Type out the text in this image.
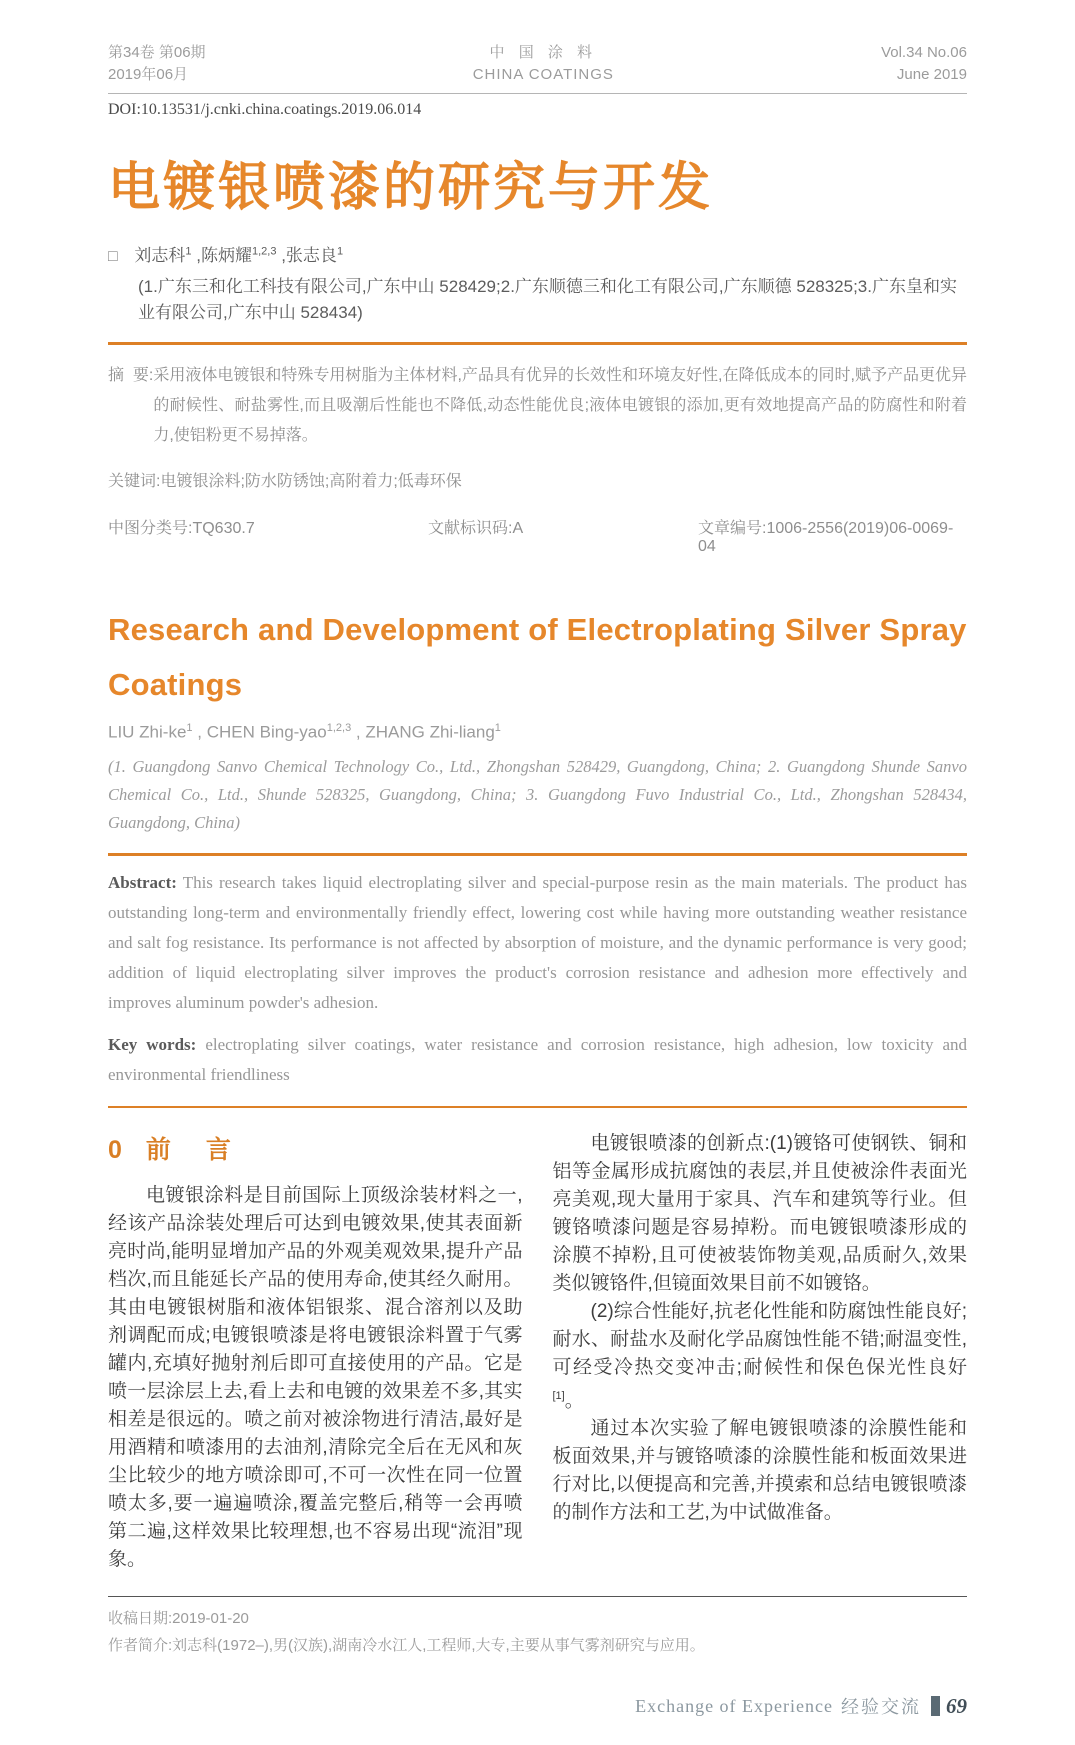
第34卷 第06期
2019年06月
中 国 涂 料
CHINA COATINGS
Vol.34 No.06
June 2019
DOI:10.13531/j.cnki.china.coatings.2019.06.014
电镀银喷漆的研究与开发
□ 刘志科$^1$ ,陈炳耀$^{1,2,3}$ ,张志良$^1$
(1.广东三和化工科技有限公司,广东中山 528429;2.广东顺德三和化工有限公司,广东顺德 528325;3.广东皇和实业有限公司,广东中山 528434)
摘  要: 采用液体电镀银和特殊专用树脂为主体材料,产品具有优异的长效性和环境友好性,在降低成本的同时,赋予产品更优异的耐候性、耐盐雾性,而且吸潮后性能也不降低,动态性能优良;液体电镀银的添加,更有效地提高产品的防腐性和附着力,使铝粉更不易掉落。
关键词: 电镀银涂料;防水防锈蚀;高附着力;低毒环保
中图分类号:TQ630.7	文献标识码:A	文章编号:1006-2556(2019)06-0069-04
Research and Development of Electroplating Silver Spray Coatings
LIU Zhi-$ke^1$ , CHEN Bing-yao$^{1,2,3}$ , ZHANG Zhi-liang$^1$
(1. Guangdong Sanvo Chemical Technology Co., Ltd., Zhongshan 528429, Guangdong, China; 2. Guangdong Shunde Sanvo Chemical Co., Ltd., Shunde 528325, Guangdong, China; 3. Guangdong Fuvo Industrial Co., Ltd., Zhongshan 528434, Guangdong, China)

Abstract: This research takes liquid electroplating silver and special-purpose resin as the main materials. The product has outstanding long-term and environmentally friendly effect, lowering cost while having more outstanding weather resistance and salt fog resistance. Its performance is not affected by absorption of moisture, and the dynamic performance is very good; addition of liquid electroplating silver improves the product's corrosion resistance and adhesion more effectively and improves aluminum powder's adhesion.

Key words: electroplating silver coatings, water resistance and corrosion resistance, high adhesion, low toxicity and environmental friendliness

0 前 言

电镀银涂料是目前国际上顶级涂装材料之一,经该产品涂装处理后可达到电镀效果,使其表面新亮时尚,能明显增加产品的外观美观效果,提升产品档次,而且能延长产品的使用寿命,使其经久耐用。其由电镀银树脂和液体铝银浆、混合溶剂以及助剂调配而成;电镀银喷漆是将电镀银涂料置于气雾罐内,充填好抛射剂后即可直接使用的产品。它是喷一层涂层上去,看上去和电镀的效果差不多,其实相差是很远的。喷之前对被涂物进行清洁,最好是用酒精和喷漆用的去油剂,清除完全后在无风和灰尘比较少的地方喷涂即可,不可一次性在同一位置喷太多,要一遍遍喷涂,覆盖完整后,稍等一会再喷第二遍,这样效果比较理想,也不容易出现“流泪”现象。

电镀银喷漆的创新点:(1)镀铬可使钢铁、铜和铝等金属形成抗腐蚀的表层,并且使被涂件表面光亮美观,现大量用于家具、汽车和建筑等行业。但镀铬喷漆问题是容易掉粉。而电镀银喷漆形成的涂膜不掉粉,且可使被装饰物美观,品质耐久,效果类似镀铬件,但镜面效果目前不如镀铬。

(2)综合性能好,抗老化性能和防腐蚀性能良好;耐水、耐盐水及耐化学品腐蚀性能不错;耐温变性,可经受冷热交变冲击;耐候性和保色保光性良好[1]。

通过本次实验了解电镀银喷漆的涂膜性能和板面效果,并与镀铬喷漆的涂膜性能和板面效果进行对比,以便提高和完善,并摸索和总结电镀银喷漆的制作方法和工艺,为中试做准备。

收稿日期:2019-01-20
作者简介:刘志科(1972–),男(汉族),湖南冷水江人,工程师,大专,主要从事气雾剂研究与应用。
Exchange of Experience 经验交流 69
